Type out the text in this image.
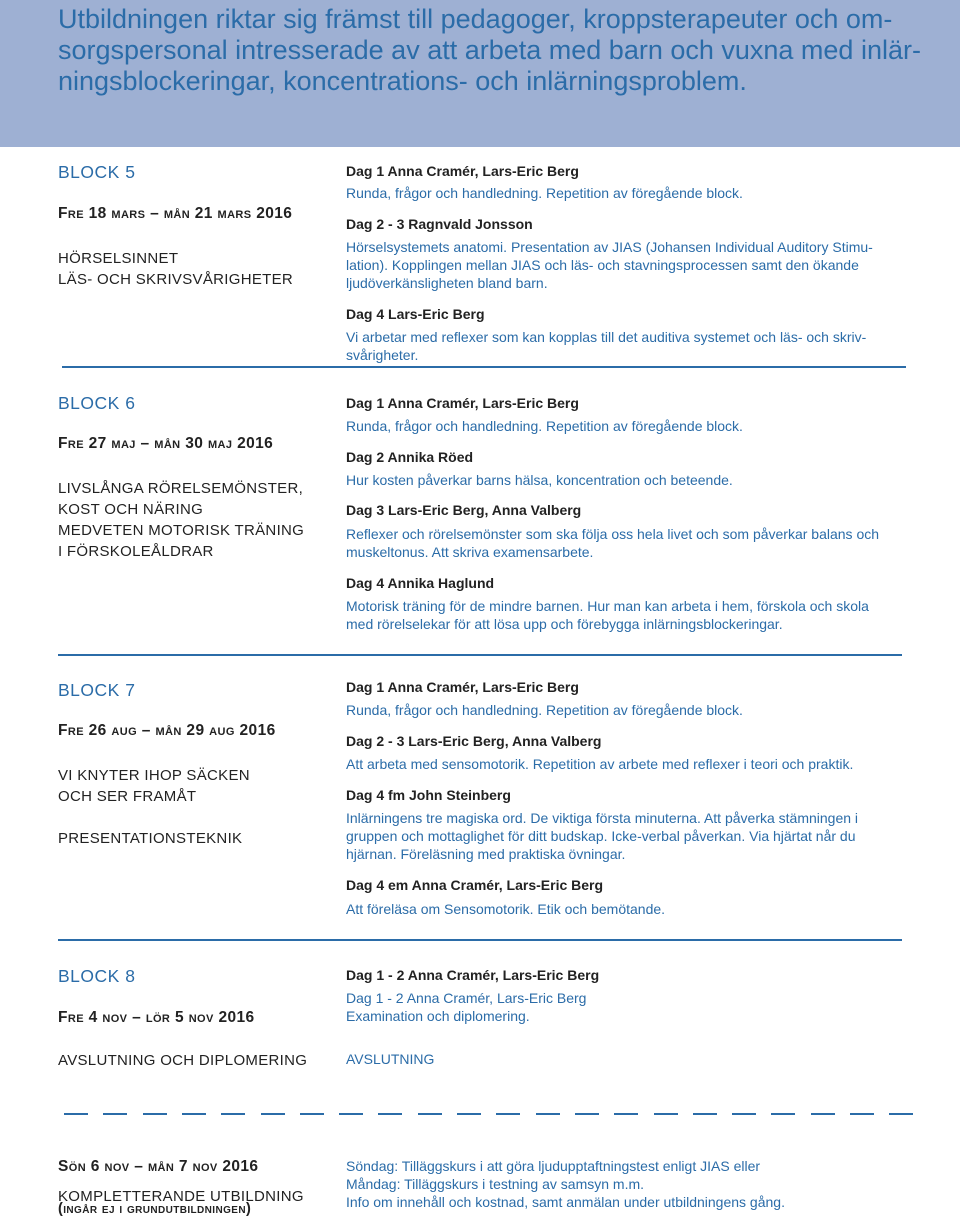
Utbildningen riktar sig främst till pedagoger, kroppsterapeuter och om-
sorgspersonal intresserade av att arbeta med barn och vuxna med inlär-
ningsblockeringar, koncentrations- och inlärningsproblem.
BLOCK 5
Fre 18 mars – mån 21 mars 2016
HÖRSELSINNET
LÄS- OCH SKRIVSVÅRIGHETER
Dag 1 Anna Cramér, Lars-Eric Berg
Runda, frågor och handledning. Repetition av föregående block.
Dag 2 - 3 Ragnvald Jonsson
Hörselsystemets anatomi. Presentation av JIAS (Johansen Individual Auditory Stimu-
lation). Kopplingen mellan JIAS och läs- och stavningsprocessen samt den ökande
ljudöverkänsligheten bland barn.
Dag 4 Lars-Eric Berg
Vi arbetar med reflexer som kan kopplas till det auditiva systemet och läs- och skriv-
svårigheter.
BLOCK 6
Fre 27 maj – mån 30 maj 2016
LIVSLÅNGA RÖRELSEMÖNSTER,
KOST OCH NÄRING
MEDVETEN MOTORISK TRÄNING
I FÖRSKOLEÅLDRAR
Dag 1 Anna Cramér, Lars-Eric Berg
Runda, frågor och handledning. Repetition av föregående block.
Dag 2 Annika Röed
Hur kosten påverkar barns hälsa, koncentration och beteende.
Dag 3 Lars-Eric Berg, Anna Valberg
Reflexer och rörelsemönster som ska följa oss hela livet och som påverkar balans och
muskeltonus. Att skriva examensarbete.
Dag 4 Annika Haglund
Motorisk träning för de mindre barnen. Hur man kan arbeta i hem, förskola och skola
med rörelselekar för att lösa upp och förebygga inlärningsblockeringar.
BLOCK 7
Fre 26 aug – mån 29 aug 2016
VI KNYTER IHOP SÄCKEN
OCH SER FRAMÅT
PRESENTATIONSTEKNIK
Dag 1 Anna Cramér, Lars-Eric Berg
Runda, frågor och handledning. Repetition av föregående block.
Dag 2 - 3 Lars-Eric Berg, Anna Valberg
Att arbeta med sensomotorik. Repetition av arbete med reflexer i teori och praktik.
Dag 4 fm John Steinberg
Inlärningens tre magiska ord. De viktiga första minuterna. Att påverka stämningen i
gruppen och mottaglighet för ditt budskap. Icke-verbal påverkan. Via hjärtat når du
hjärnan. Föreläsning med praktiska övningar.
Dag 4 em Anna Cramér, Lars-Eric Berg
Att föreläsa om Sensomotorik. Etik och bemötande.
BLOCK 8
Fre 4 nov – lör 5 nov 2016
AVSLUTNING OCH DIPLOMERING
Dag 1 - 2 Anna Cramér, Lars-Eric Berg
Dag 1 - 2 Anna Cramér, Lars-Eric Berg
Examination och diplomering.
AVSLUTNING
Sön 6 nov – mån 7 nov 2016
KOMPLETTERANDE UTBILDNING
(ingår ej i grundutbildningen)
Söndag: Tilläggskurs i att göra ljudupptaftningstest enligt JIAS eller
Måndag: Tilläggskurs i testning av samsyn m.m.
Info om innehåll och kostnad, samt anmälan under utbildningens gång.
